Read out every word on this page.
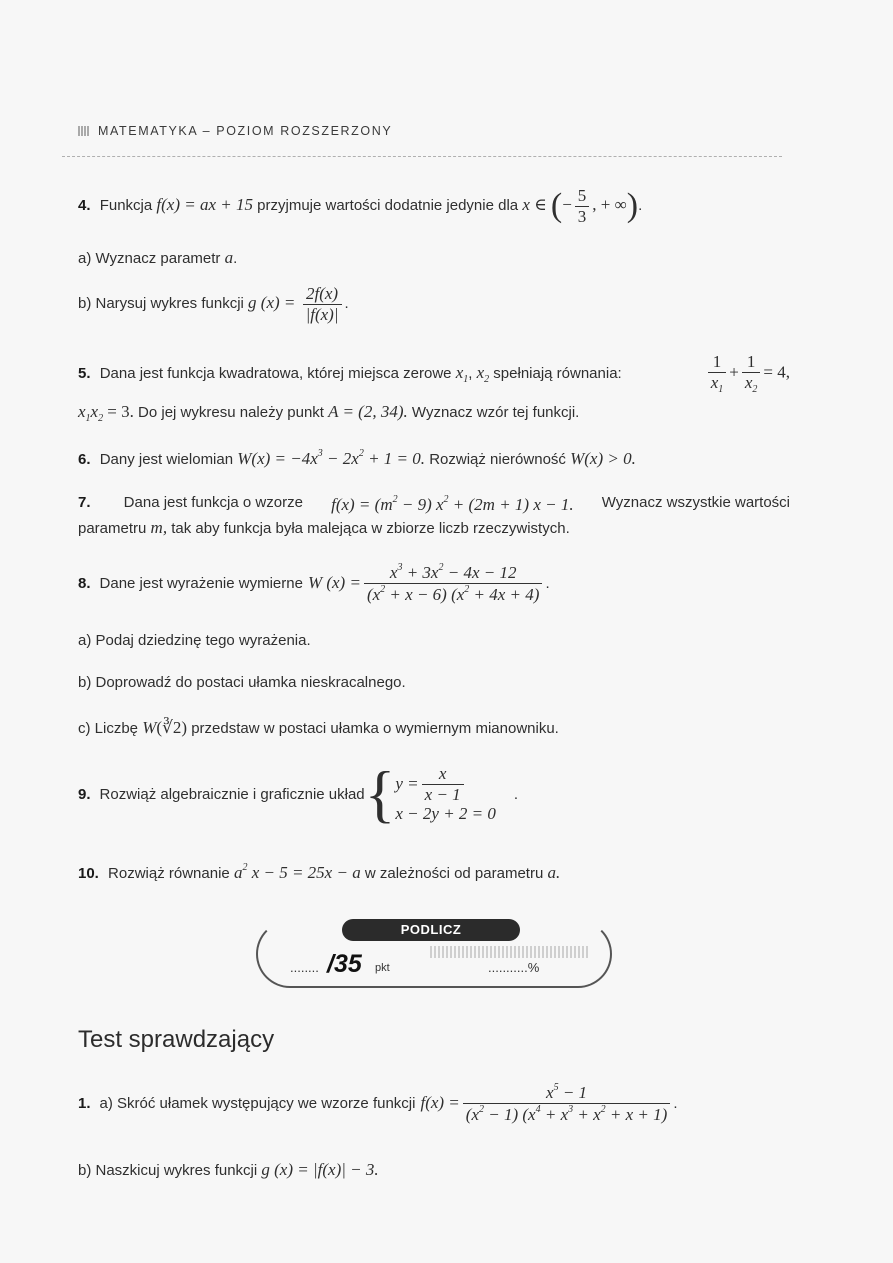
MATEMATYKA – POZIOM ROZSZERZONY
4. Funkcja f(x) = ax + 15 przyjmuje wartości dodatnie jedynie dla x ∈ (− $\frac{5}{3}$ , + ∞).
a) Wyznacz parametr a.
b) Narysuj wykres funkcji g $(x) = \frac{2f(x)}{|f(x)|}$ .
5. Dana jest funkcja kwadratowa, której miejsca zerowe $x_1$, $x_2$ spełniają równania:	$\frac{1}{x_1} + \frac{1}{x_2} = 4$,
$x_1x_2 = 3$. Do jej wykresu należy punkt A = (2, 34). Wyznacz wzór tej funkcji.
6. Dany jest wielomian $W(x) = -4x^3 - 2x^2 + 1 = 0$. Rozwiąż nierówność W(x) > 0.
7. Dana jest funkcja o wzorze $f(x) = (m^2 - 9) x^2 + (2m + 1) x - 1$. Wyznacz wszystkie wartości
parametru m, tak aby funkcja była malejąca w zbiorze liczb rzeczywistych.
8. Dane jest wyrażenie wymierne W $(x) = \frac{x^3 + 3x^2 - 4x - 12}{(x^2 + x - 6) (x^2 + 4x + 4)}$ .
a) Podaj dziedzinę tego wyrażenia.
b) Doprowadź do postaci ułamka nieskracalnego.
c) Liczbę W(∛2) przedstaw w postaci ułamka o wymiernym mianowniku.
9. Rozwiąż algebraicznie i graficznie układ { $y = \frac{x}{x - 1}$
x − 2y + 2 = 0
.
10. Rozwiąż równanie $a^2$ x − 5 = 25x − a w zależności od parametru a.
PODLICZ
........ /35 pkt	...........%
Test sprawdzający
1. a) Skróć ułamek występujący we wzorze funkcji $f(x) = \frac{x^5 - 1}{(x^2 - 1) (x^4 + x^3 + x^2 + x + 1)}$ .
b) Naszkicuj wykres funkcji g (x) = |f(x)| − 3.
